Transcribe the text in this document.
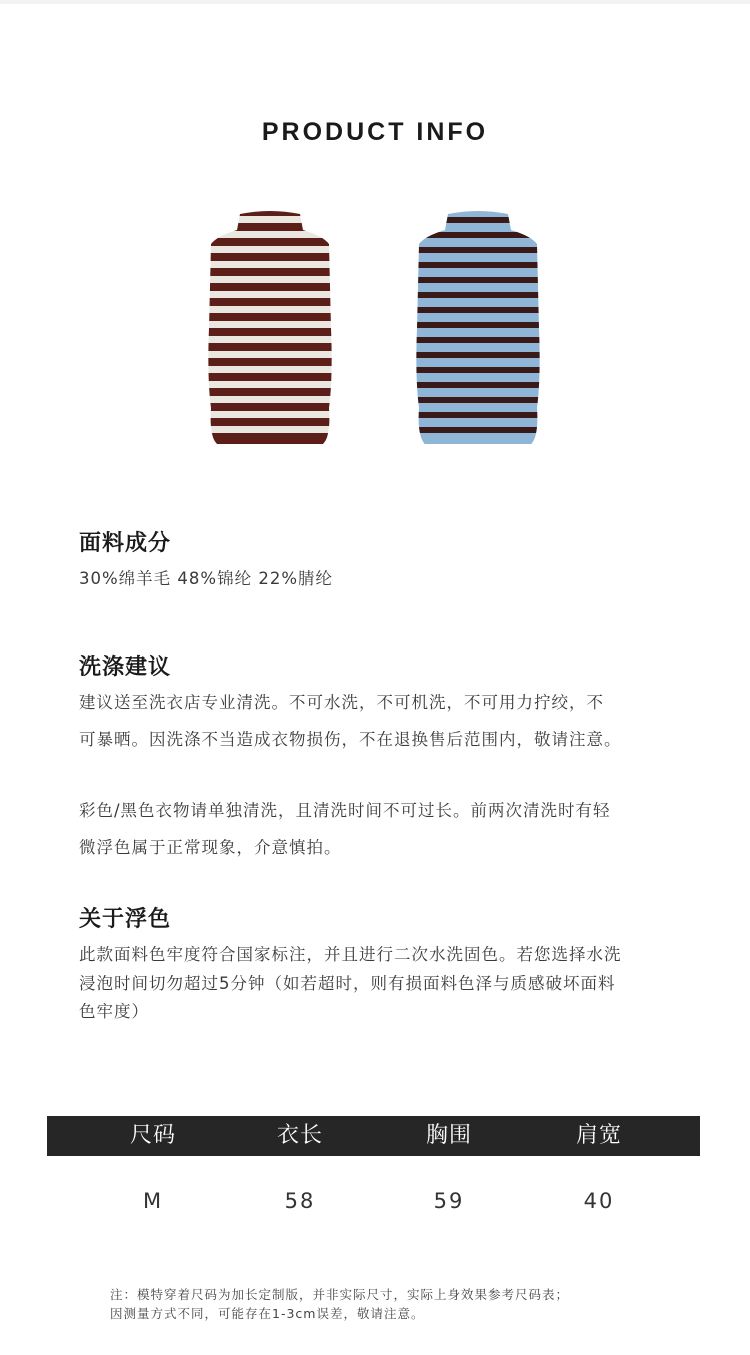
PRODUCT INFO
面料成分
30%绵羊毛 48%锦纶 22%腈纶
洗涤建议
建议送至洗衣店专业清洗。不可水洗，不可机洗，不可用力拧绞，不
可暴晒。因洗涤不当造成衣物损伤，不在退换售后范围内，敬请注意。
彩色/黑色衣物请单独清洗，且清洗时间不可过长。前两次清洗时有轻
微浮色属于正常现象，介意慎拍。
关于浮色
此款面料色牢度符合国家标注，并且进行二次水洗固色。若您选择水洗
浸泡时间切勿超过5分钟（如若超时，则有损面料色泽与质感破坏面料
色牢度）
尺码	衣长	胸围	肩宽
M	58	59	40
注：模特穿着尺码为加长定制版，并非实际尺寸，实际上身效果参考尺码表；
因测量方式不同，可能存在1-3cm误差，敬请注意。
